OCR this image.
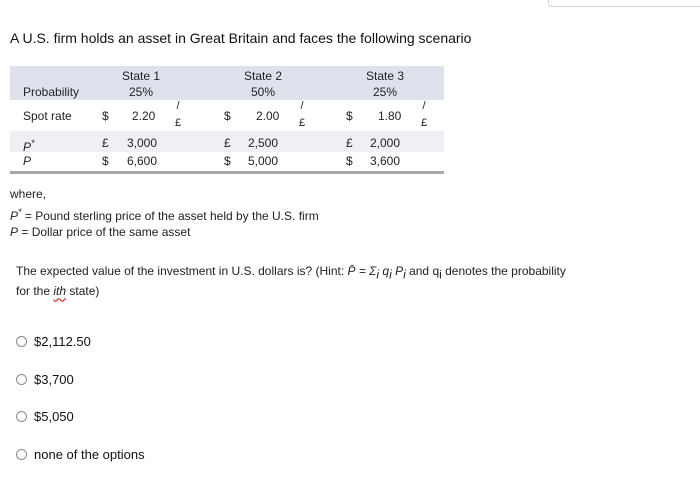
A U.S. firm holds an asset in Great Britain and faces the following scenario
Probability
Spot rate
P*
P
State 1
25%
$ 2.20
/
£
£ 3,000
$ 6,600
State 2
50%
$ 2.00
/
£
£ 2,500
$ 5,000
State 3
25%
$ 1.80
/
£
£ 2,000
$ 3,600
where,
P* = Pound sterling price of the asset held by the U.S. firm
P = Dollar price of the same asset
The expected value of the investment in U.S. dollars is? (Hint: P̄ = $\Sigma_i$ $q_i$ $P_i$ and $q_i$ denotes the probability
for the ith state)
$2,112.50
$3,700
$5,050
none of the options
